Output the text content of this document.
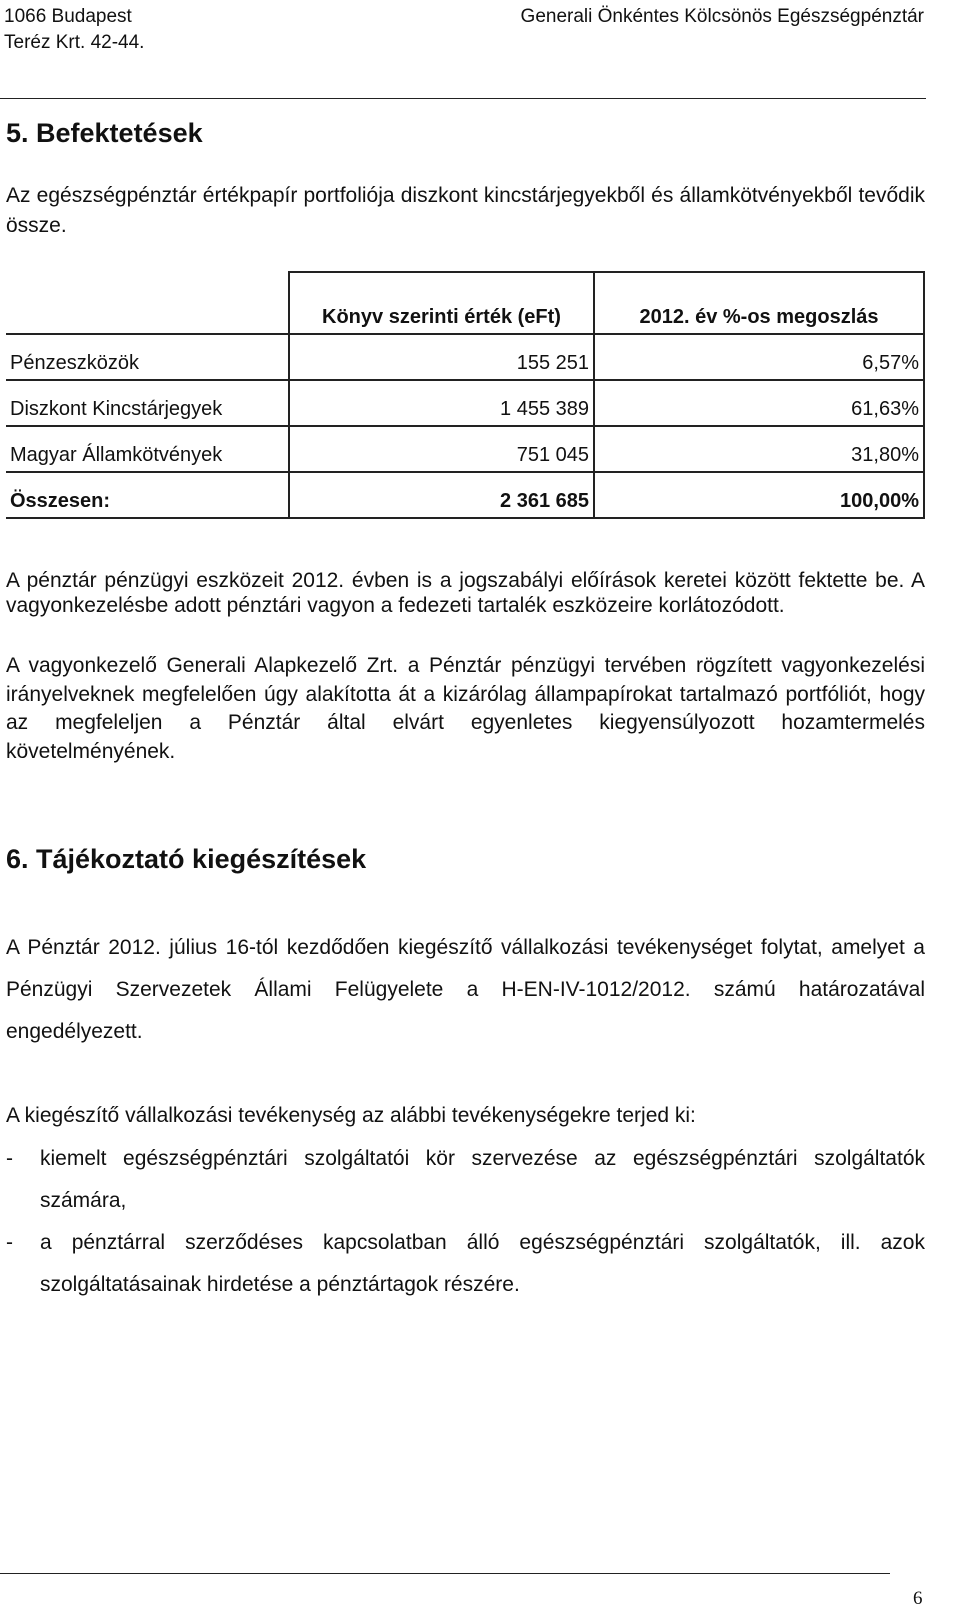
1066 Budapest
Teréz Krt. 42-44.
Generali Önkéntes Kölcsönös Egészségpénztár
5. Befektetések
Az egészségpénztár értékpapír portfoliója diszkont kincstárjegyekből és államkötvényekből tevődik össze.
	Könyv szerinti érték (eFt)	2012. év %-os megoszlás
Pénzeszközök	155 251	6,57%
Diszkont Kincstárjegyek	1 455 389	61,63%
Magyar Államkötvények	751 045	31,80%
Összesen:	2 361 685	100,00%
A pénztár pénzügyi eszközeit 2012. évben is a jogszabályi előírások keretei között fektette be. A vagyonkezelésbe adott pénztári vagyon a fedezeti tartalék eszközeire korlátozódott.
A vagyonkezelő Generali Alapkezelő Zrt. a Pénztár pénzügyi tervében rögzített vagyonkezelési irányelveknek megfelelően úgy alakította át a kizárólag állampapírokat tartalmazó portfóliót, hogy az megfeleljen a Pénztár által elvárt egyenletes kiegyensúlyozott hozamtermelés követelményének.
6. Tájékoztató kiegészítések
A Pénztár 2012. július 16-tól kezdődően kiegészítő vállalkozási tevékenységet folytat, amelyet a Pénzügyi Szervezetek Állami Felügyelete a H-EN-IV-1012/2012. számú határozatával engedélyezett.
A kiegészítő vállalkozási tevékenység az alábbi tevékenységekre terjed ki:
- kiemelt egészségpénztári szolgáltatói kör szervezése az egészségpénztári szolgáltatók számára,
- a pénztárral szerződéses kapcsolatban álló egészségpénztári szolgáltatók, ill. azok szolgáltatásainak hirdetése a pénztártagok részére.
6
